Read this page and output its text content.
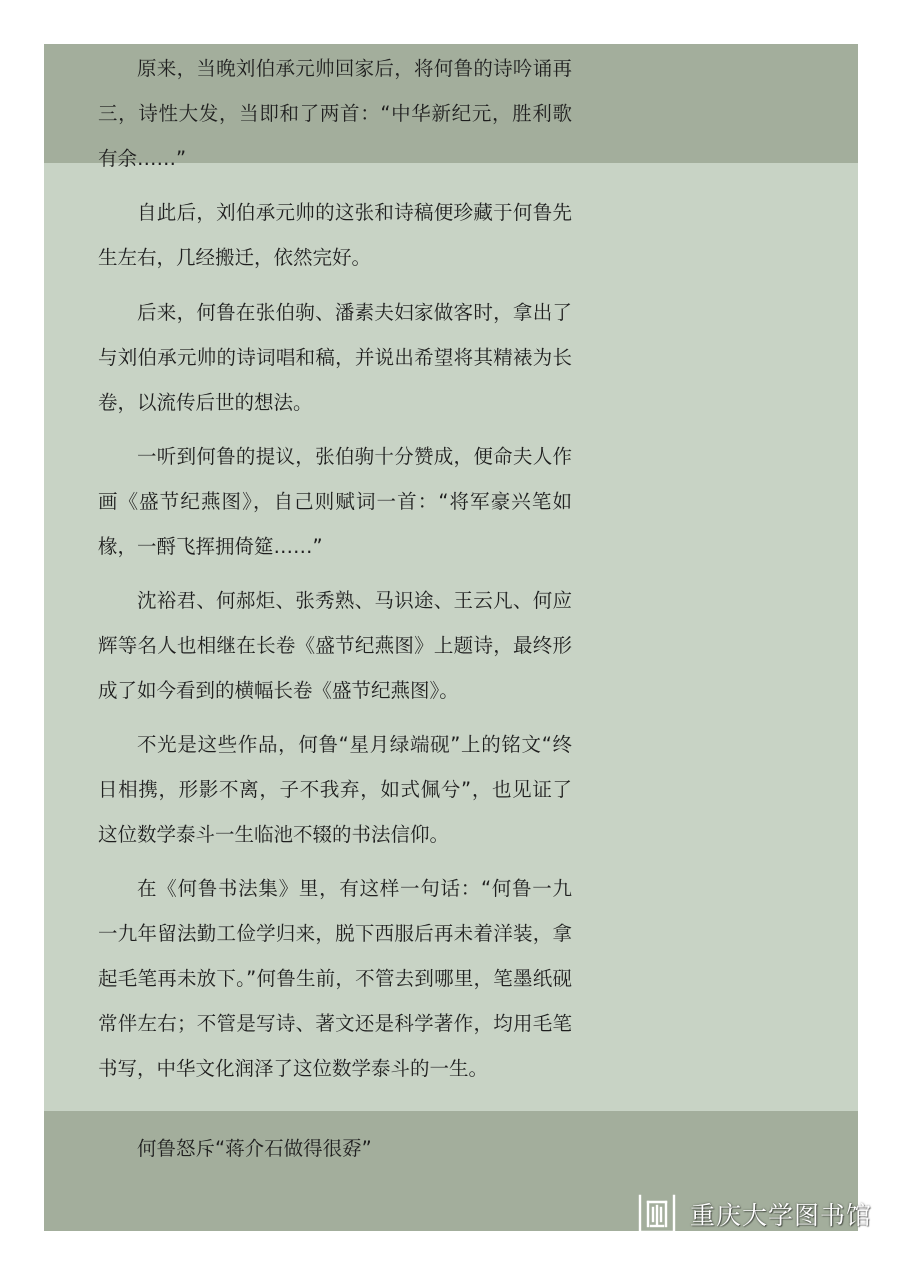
原来，当晚刘伯承元帅回家后，将何鲁的诗吟诵再三，诗性大发，当即和了两首：“中华新纪元，胜利歌有余……”

自此后，刘伯承元帅的这张和诗稿便珍藏于何鲁先生左右，几经搬迁，依然完好。

后来，何鲁在张伯驹、潘素夫妇家做客时，拿出了与刘伯承元帅的诗词唱和稿，并说出希望将其精裱为长卷，以流传后世的想法。

一听到何鲁的提议，张伯驹十分赞成，便命夫人作画《盛节纪燕图》，自己则赋词一首：“将军豪兴笔如椽，一酹飞挥拥倚筵……”

沈裕君、何郝炬、张秀熟、马识途、王云凡、何应辉等名人也相继在长卷《盛节纪燕图》上题诗，最终形成了如今看到的横幅长卷《盛节纪燕图》。

不光是这些作品，何鲁“星月绿端砚”上的铭文“终日相携，形影不离，子不我弃，如式佩兮”，也见证了这位数学泰斗一生临池不辍的书法信仰。

在《何鲁书法集》里，有这样一句话：“何鲁一九一九年留法勤工俭学归来，脱下西服后再未着洋装，拿起毛笔再未放下。”何鲁生前，不管去到哪里，笔墨纸砚常伴左右；不管是写诗、著文还是科学著作，均用毛笔书写，中华文化润泽了这位数学泰斗的一生。

何鲁怒斥“蒋介石做得很孬”

重庆大学图书馆
